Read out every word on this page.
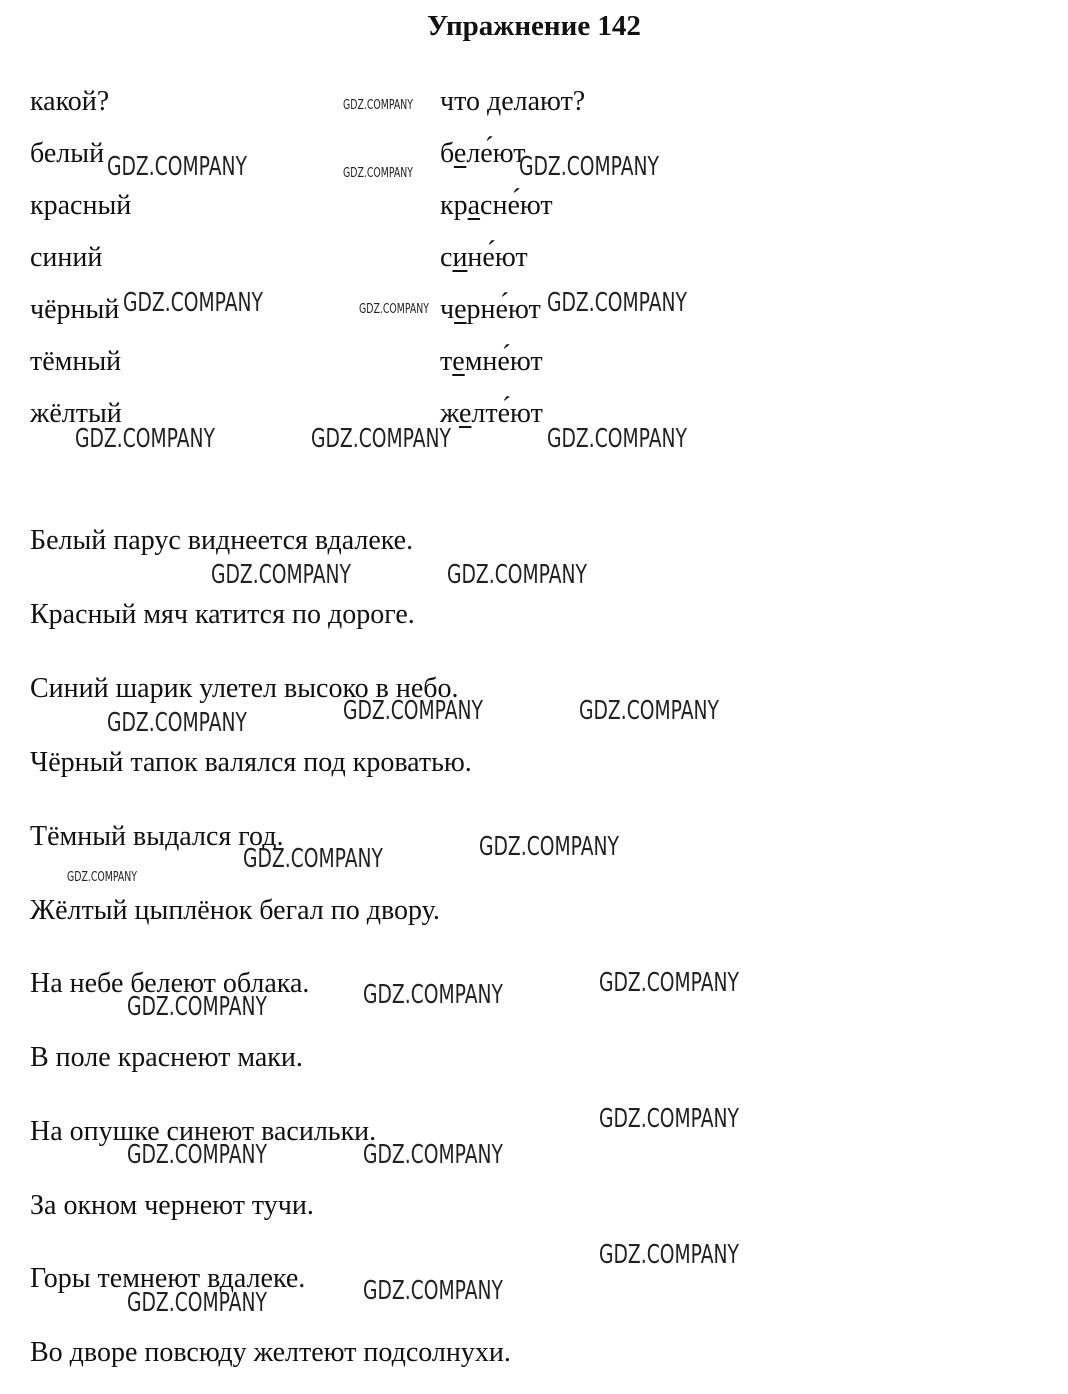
Упражнение 142
какой?	что делают?
белый	беле́ют
красный	красне́ют
синий	сине́ют
чёрный	черне́ют
тёмный	темне́ют
жёлтый	желте́ют
Белый парус виднеется вдалеке.
Красный мяч катится по дороге.
Синий шарик улетел высоко в небо.
Чёрный тапок валялся под кроватью.
Тёмный выдался год.
Жёлтый цыплёнок бегал по двору.
На небе белеют облака.
В поле краснеют маки.
На опушке синеют васильки.
За окном чернеют тучи.
Горы темнеют вдалеке.
Во дворе повсюду желтеют подсолнухи.
GDZ.COMPANY
GDZ.COMPANY
GDZ.COMPANY
GDZ.COMPANY
GDZ.COMPANY	GDZ.COMPANY
GDZ.COMPANY	GDZ.COMPANY
GDZ.COMPANY	GDZ.COMPANY	GDZ.COMPANY
GDZ.COMPANY	GDZ.COMPANY
GDZ.COMPANY	GDZ.COMPANY	GDZ.COMPANY
GDZ.COMPANY	GDZ.COMPANY
GDZ.COMPANY
GDZ.COMPANY	GDZ.COMPANY
GDZ.COMPANY
GDZ.COMPANY	GDZ.COMPANY
GDZ.COMPANY
GDZ.COMPANY	GDZ.COMPANY
